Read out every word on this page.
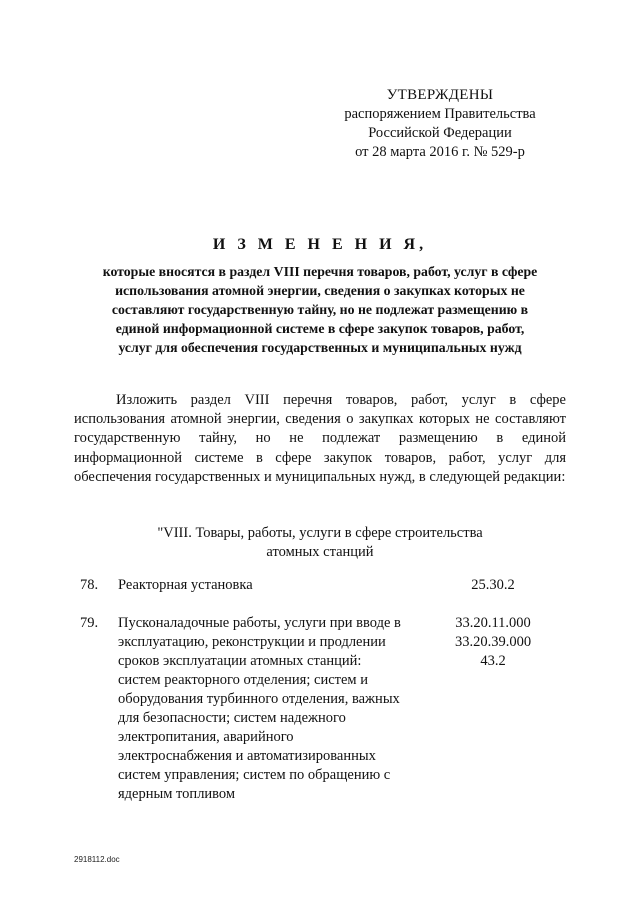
УТВЕРЖДЕНЫ
распоряжением Правительства
Российской Федерации
от 28 марта 2016 г. № 529-р
И З М Е Н Е Н И Я,
которые вносятся в раздел VIII перечня товаров, работ, услуг в сфере
использования атомной энергии, сведения о закупках которых не
составляют государственную тайну, но не подлежат размещению в
единой информационной системе в сфере закупок товаров, работ,
услуг для обеспечения государственных и муниципальных нужд
Изложить раздел VIII перечня товаров, работ, услуг в сфере использования атомной энергии, сведения о закупках которых не составляют государственную тайну, но не подлежат размещению в единой информационной системе в сфере закупок товаров, работ, услуг для обеспечения государственных и муниципальных нужд, в следующей редакции:
"VIII. Товары, работы, услуги в сфере строительства
атомных станций
78. Реакторная установка	25.30.2
79. Пусконаладочные работы, услуги при вводе в
эксплуатацию, реконструкции и продлении
сроков эксплуатации атомных станций:
систем реакторного отделения; систем и
оборудования турбинного отделения, важных
для безопасности; систем надежного
электропитания, аварийного
электроснабжения и автоматизированных
систем управления; систем по обращению с
ядерным топливом
33.20.11.000
33.20.39.000
43.2
2918112.doc
